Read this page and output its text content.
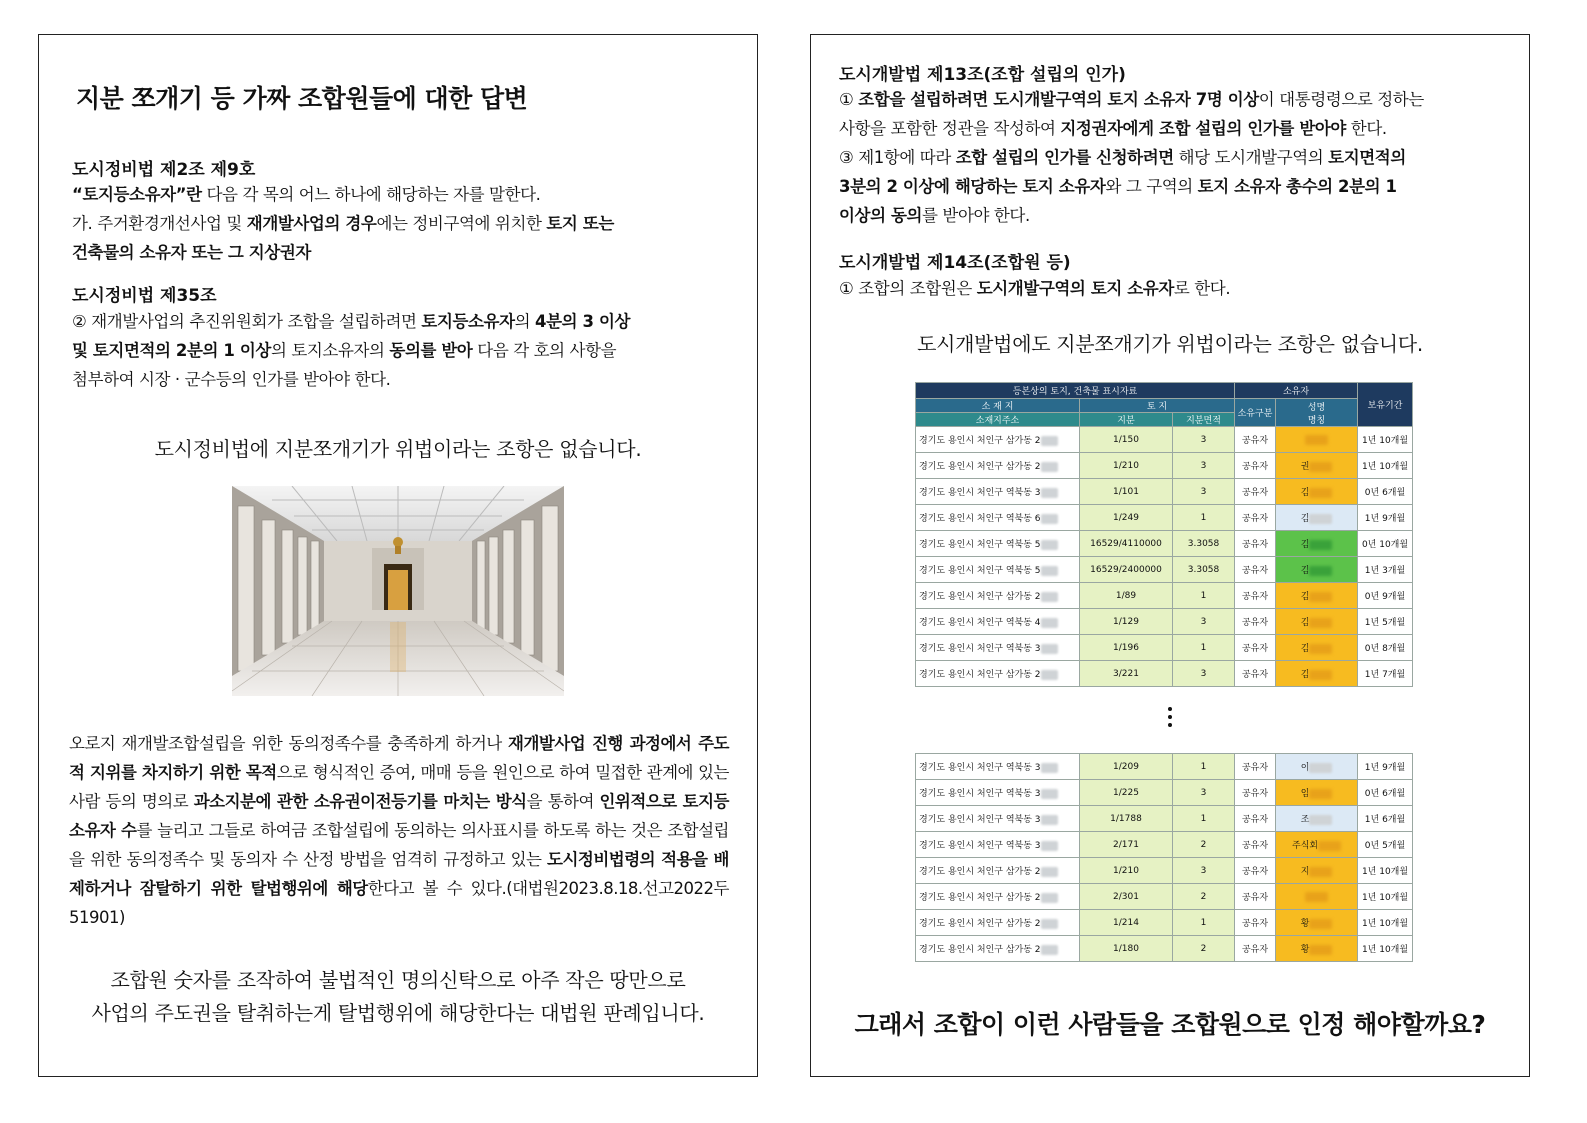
지분 쪼개기 등 가짜 조합원들에 대한 답변
도시정비법 제2조 제9호
“토지등소유자”란 다음 각 목의 어느 하나에 해당하는 자를 말한다.
가. 주거환경개선사업 및 재개발사업의 경우에는 정비구역에 위치한 토지 또는
건축물의 소유자 또는 그 지상권자
도시정비법 제35조
② 재개발사업의 추진위원회가 조합을 설립하려면 토지등소유자의 4분의 3 이상
및 토지면적의 2분의 1 이상의 토지소유자의 동의를 받아 다음 각 호의 사항을
첨부하여 시장 · 군수등의 인가를 받아야 한다.
도시정비법에 지분쪼개기가 위법이라는 조항은 없습니다.
오로지 재개발조합설립을 위한 동의정족수를 충족하게 하거나 재개발사업 진행 과정에서 주도적 지위를 차지하기 위한 목적으로 형식적인 증여, 매매 등을 원인으로 하여 밀접한 관계에 있는 사람 등의 명의로 과소지분에 관한 소유권이전등기를 마치는 방식을 통하여 인위적으로 토지등소유자 수를 늘리고 그들로 하여금 조합설립에 동의하는 의사표시를 하도록 하는 것은 조합설립을 위한 동의정족수 및 동의자 수 산정 방법을 엄격히 규정하고 있는 도시정비법령의 적용을 배제하거나 잠탈하기 위한 탈법행위에 해당한다고 볼 수 있다.(대법원2023.8.18.선고2022두51901)
조합원 숫자를 조작하여 불법적인 명의신탁으로 아주 작은 땅만으로
사업의 주도권을 탈취하는게 탈법행위에 해당한다는 대법원 판례입니다.
도시개발법 제13조(조합 설립의 인가)
① 조합을 설립하려면 도시개발구역의 토지 소유자 7명 이상이 대통령령으로 정하는
사항을 포함한 정관을 작성하여 지정권자에게 조합 설립의 인가를 받아야 한다.
③ 제1항에 따라 조합 설립의 인가를 신청하려면 해당 도시개발구역의 토지면적의
3분의 2 이상에 해당하는 토지 소유자와 그 구역의 토지 소유자 총수의 2분의 1
이상의 동의를 받아야 한다.
도시개발법 제14조(조합원 등)
① 조합의 조합원은 도시개발구역의 토지 소유자로 한다.
도시개발법에도 지분쪼개기가 위법이라는 조항은 없습니다.
등본상의 토지, 건축물 표시자료			소유자		보유기간
소 재 지	토 지		소유구분	성명
명칭	
소재지주소	지분	지분면적			
경기도 용인시 처인구 삼가동 2	1/150	3	공유자		1년 10개월
경기도 용인시 처인구 삼가동 2	1/210	3	공유자	권	1년 10개월
경기도 용인시 처인구 역북동 3	1/101	3	공유자	김	0년 6개월
경기도 용인시 처인구 역북동 6	1/249	1	공유자	김	1년 9개월
경기도 용인시 처인구 역북동 5	16529/4110000	3.3058	공유자	김	0년 10개월
경기도 용인시 처인구 역북동 5	16529/2400000	3.3058	공유자	김	1년 3개월
경기도 용인시 처인구 삼가동 2	1/89	1	공유자	김	0년 9개월
경기도 용인시 처인구 역북동 4	1/129	3	공유자	김	1년 5개월
경기도 용인시 처인구 역북동 3	1/196	1	공유자	김	0년 8개월
경기도 용인시 처인구 삼가동 2	3/221	3	공유자	김	1년 7개월
경기도 용인시 처인구 역북동 3	1/209	1	공유자	이	1년 9개월
경기도 용인시 처인구 역북동 3	1/225	3	공유자	임	0년 6개월
경기도 용인시 처인구 역북동 3	1/1788	1	공유자	조	1년 6개월
경기도 용인시 처인구 역북동 3	2/171	2	공유자	주식회	0년 5개월
경기도 용인시 처인구 삼가동 2	1/210	3	공유자	지	1년 10개월
경기도 용인시 처인구 삼가동 2	2/301	2	공유자		1년 10개월
경기도 용인시 처인구 삼가동 2	1/214	1	공유자	황	1년 10개월
경기도 용인시 처인구 삼가동 2	1/180	2	공유자	황	1년 10개월
그래서 조합이 이런 사람들을 조합원으로 인정 해야할까요?
